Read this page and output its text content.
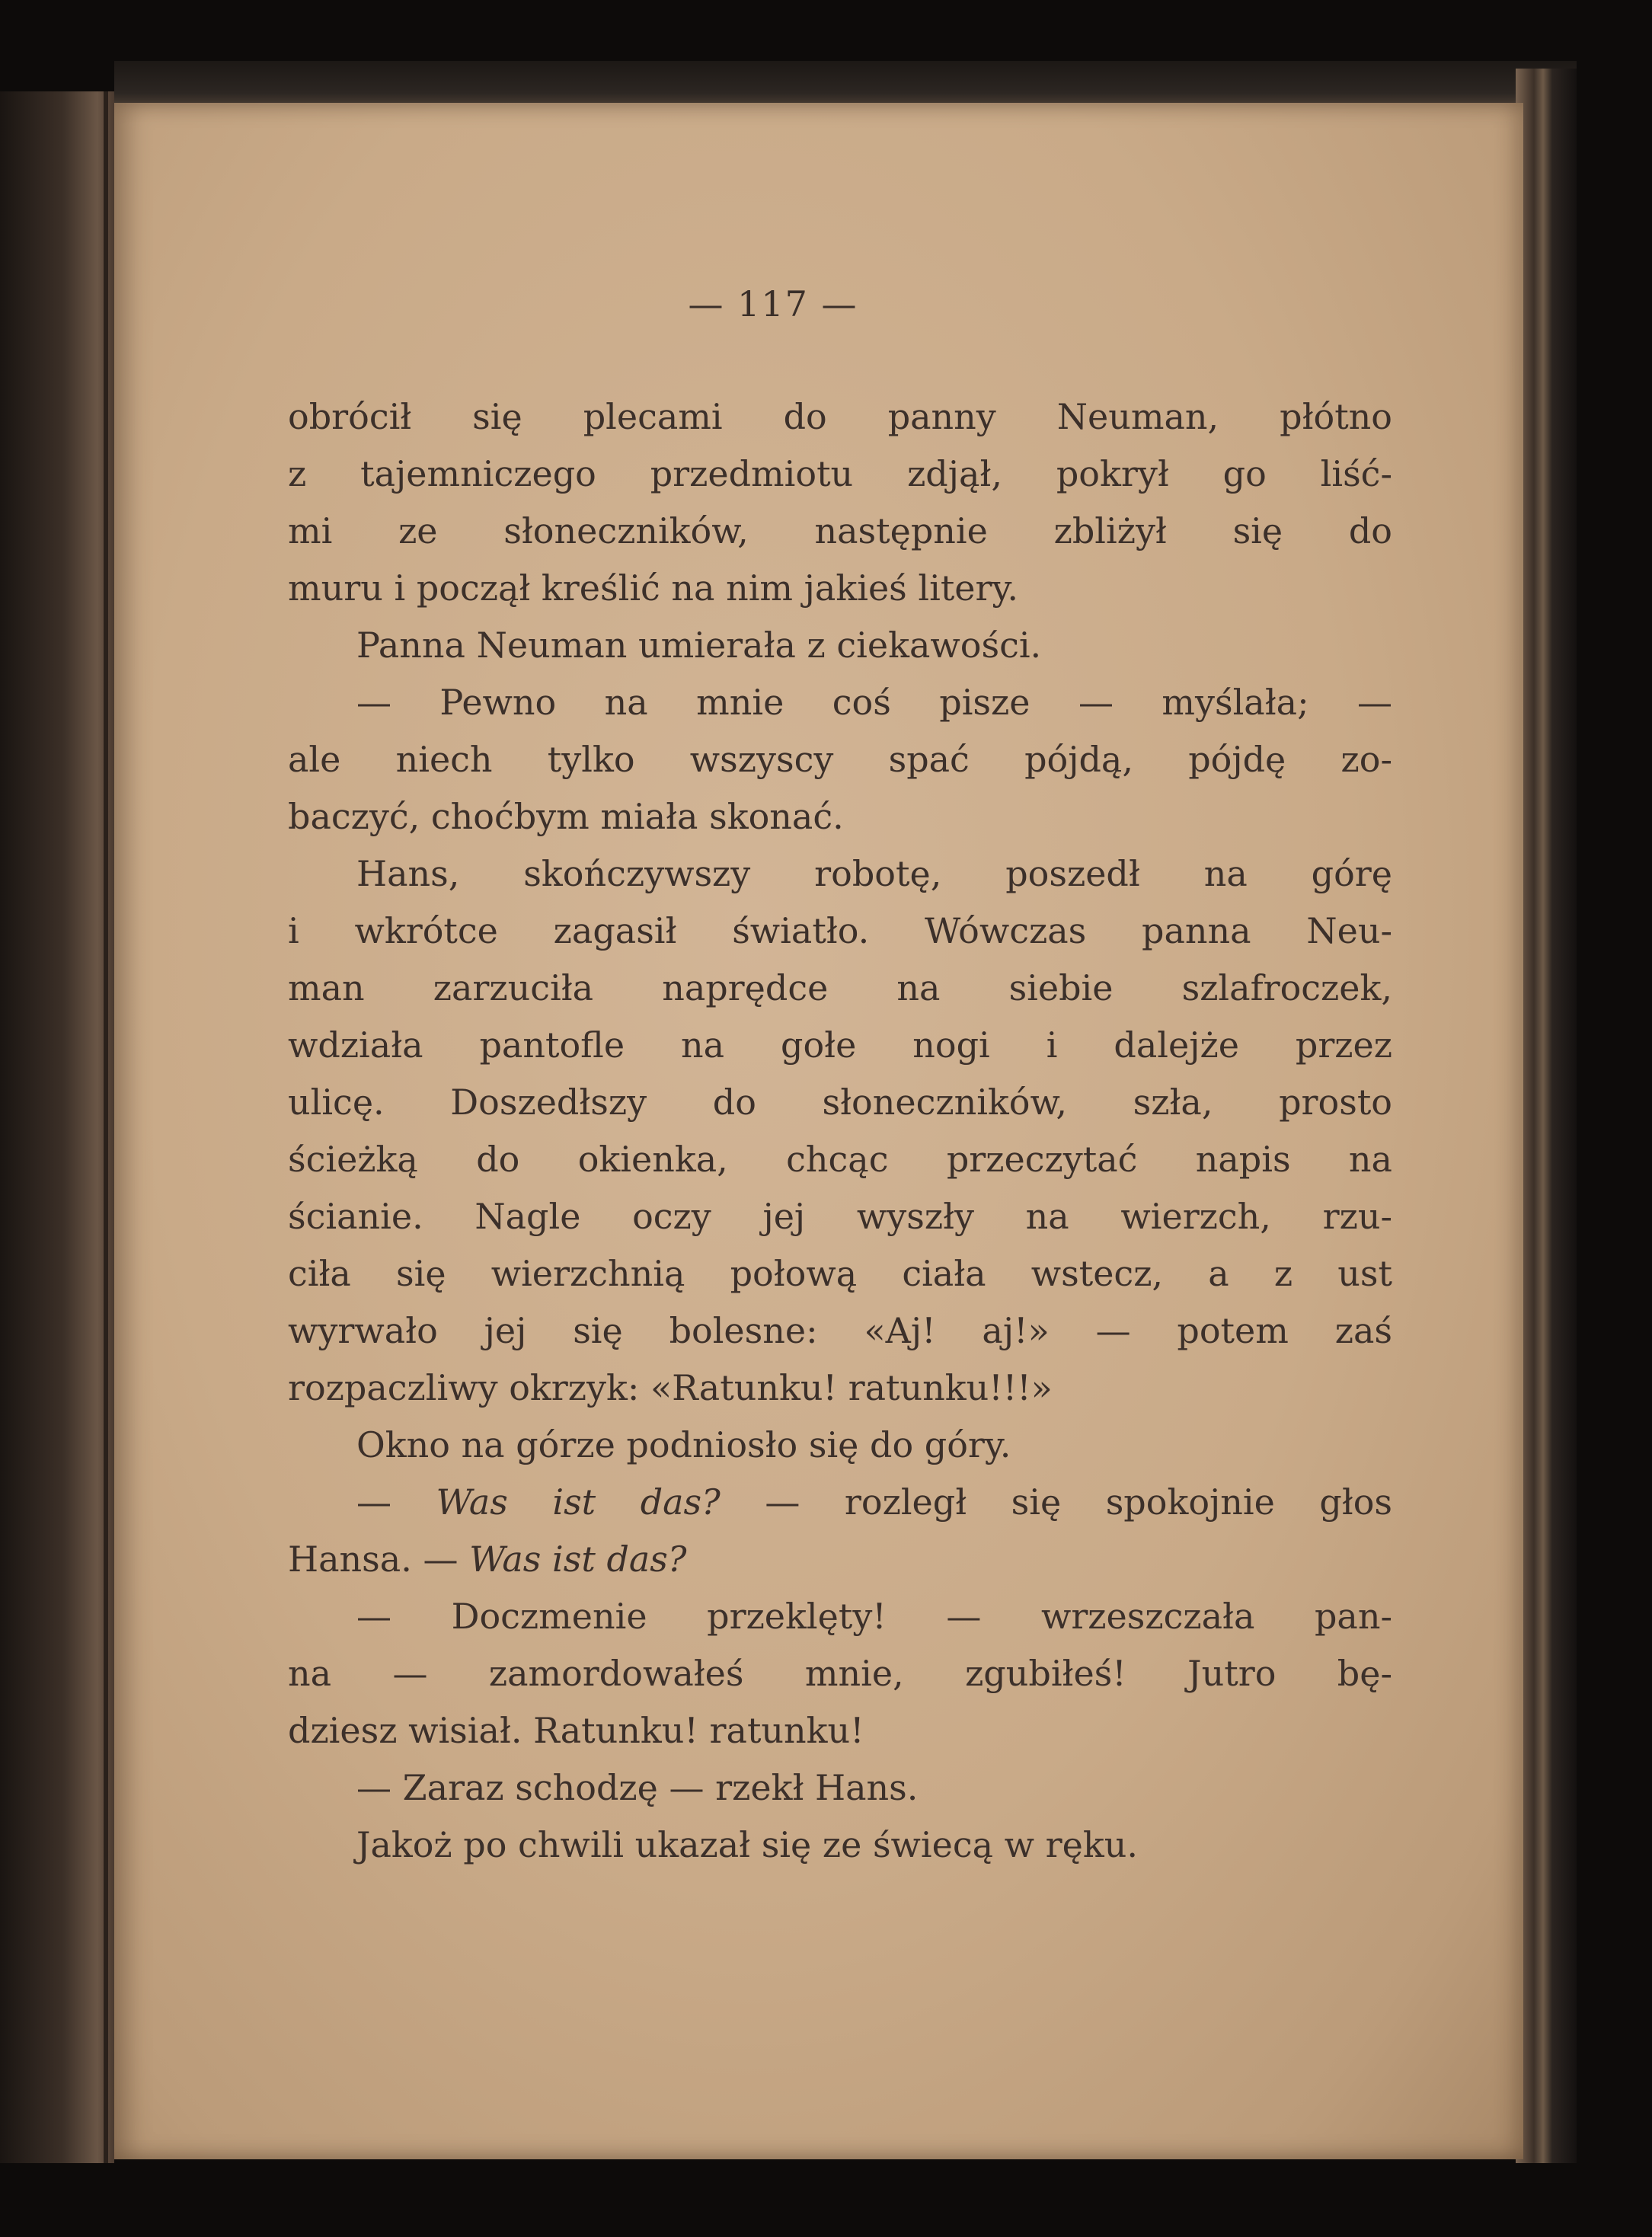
— 117 —
obrócił się plecami do panny Neuman, płótno
z tajemniczego przedmiotu zdjął, pokrył go liść-
mi ze słoneczników, następnie zbliżył się do
muru i począł kreślić na nim jakieś litery.
Panna Neuman umierała z ciekawości.
— Pewno na mnie coś pisze — myślała; —
ale niech tylko wszyscy spać pójdą, pójdę zo-
baczyć, choćbym miała skonać.
Hans, skończywszy robotę, poszedł na górę
i wkrótce zagasił światło. Wówczas panna Neu-
man zarzuciła naprędce na siebie szlafroczek,
wdziała pantofle na gołe nogi i dalejże przez
ulicę. Doszedłszy do słoneczników, szła, prosto
ścieżką do okienka, chcąc przeczytać napis na
ścianie. Nagle oczy jej wyszły na wierzch, rzu-
ciła się wierzchnią połową ciała wstecz, a z ust
wyrwało jej się bolesne: «Aj! aj!» — potem zaś
rozpaczliwy okrzyk: «Ratunku! ratunku!!!»
Okno na górze podniosło się do góry.
— Was ist das? — rozległ się spokojnie głos
Hansa. — Was ist das?
— Doczmenie przeklęty! — wrzeszczała pan-
na — zamordowałeś mnie, zgubiłeś! Jutro bę-
dziesz wisiał. Ratunku! ratunku!
— Zaraz schodzę — rzekł Hans.
Jakoż po chwili ukazał się ze świecą w ręku.
